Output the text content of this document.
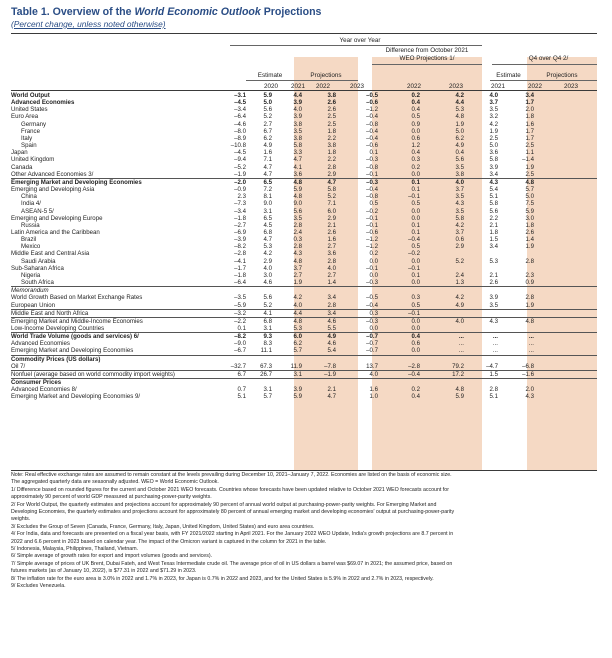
Table 1. Overview of the World Economic Outlook Projections
(Percent change, unless noted otherwise)
Year over Year
Difference from October 2021
WEO Projections 1/	Q4 over Q4 2/
Estimate	Projections	Estimate	Projections
2020	2021	2022	2023	2022	2023	2021	2022	2023
World Output	–3.1	5.9	4.4	3.8	–0.5	0.2	4.2	4.0	3.4	
Advanced Economies	–4.5	5.0	3.9	2.6	–0.6	0.4	4.4	3.7	1.7	
United States	–3.4	5.6	4.0	2.6	–1.2	0.4	5.3	3.5	2.0	
Euro Area	–6.4	5.2	3.9	2.5	–0.4	0.5	4.8	3.2	1.8	
Germany	–4.6	2.7	3.8	2.5	–0.8	0.9	1.9	4.2	1.6	
France	–8.0	6.7	3.5	1.8	–0.4	0.0	5.0	1.9	1.7	
Italy	–8.9	6.2	3.8	2.2	–0.4	0.6	6.2	2.5	1.7	
Spain	–10.8	4.9	5.8	3.8	–0.6	1.2	4.9	5.0	2.5	
Japan	–4.5	1.6	3.3	1.8	0.1	0.4	0.4	3.6	1.1	
United Kingdom	–9.4	7.1	4.7	2.2	–0.3	0.3	5.6	5.8	–1.4	
Canada	–5.2	4.7	4.1	2.8	–0.8	0.2	3.5	3.9	1.9	
Other Advanced Economies 3/	–1.9	4.7	3.6	2.9	–0.1	0.0	3.8	3.4	2.5	
Emerging Market and Developing Economies	–2.0	6.5	4.8	4.7	–0.3	0.1	4.0	4.3	4.8	
Emerging and Developing Asia	–0.9	7.2	5.9	5.8	–0.4	0.1	3.7	5.4	5.7	
China	2.3	8.1	4.8	5.2	–0.8	–0.1	3.5	5.1	5.0	
India 4/	–7.3	9.0	9.0	7.1	0.5	0.5	4.3	5.8	7.5	
ASEAN-5 5/	–3.4	3.1	5.6	6.0	–0.2	0.0	3.5	5.6	5.9	
Emerging and Developing Europe	–1.8	6.5	3.5	2.9	–0.1	0.0	5.8	2.2	3.0	
Russia	–2.7	4.5	2.8	2.1	–0.1	0.1	4.2	2.1	1.8	
Latin America and the Caribbean	–6.9	6.8	2.4	2.6	–0.6	0.1	3.7	1.8	2.6	
Brazil	–3.9	4.7	0.3	1.6	–1.2	–0.4	0.6	1.5	1.4	
Mexico	–8.2	5.3	2.8	2.7	–1.2	0.5	2.9	3.4	1.9	
Middle East and Central Asia	–2.8	4.2	4.3	3.6	0.2	–0.2				
Saudi Arabia	–4.1	2.9	4.8	2.8	0.0	0.0	5.2	5.3	2.8	
Sub-Saharan Africa	–1.7	4.0	3.7	4.0	–0.1	–0.1				
Nigeria	–1.8	3.0	2.7	2.7	0.0	0.1	2.4	2.1	2.3	
South Africa	–6.4	4.6	1.9	1.4	–0.3	0.0	1.3	2.6	0.9	
Memorandum										
World Growth Based on Market Exchange Rates	–3.5	5.6	4.2	3.4	–0.5	0.3	4.2	3.9	2.8	
European Union	–5.9	5.2	4.0	2.8	–0.4	0.5	4.9	3.5	1.9	
Middle East and North Africa	–3.2	4.1	4.4	3.4	0.3	–0.1				
Emerging Market and Middle-Income Economies	–2.2	6.8	4.8	4.6	–0.3	0.0	4.0	4.3	4.8	
Low-Income Developing Countries	0.1	3.1	5.3	5.5	0.0	0.0				
World Trade Volume (goods and services) 6/	–8.2	9.3	6.0	4.9	–0.7	0.4	...	...	...	
Advanced Economies	–9.0	8.3	6.2	4.6	–0.7	0.6	...	...	...	
Emerging Market and Developing Economies	–6.7	11.1	5.7	5.4	–0.7	0.0	...	...	...	
Commodity Prices (US dollars)										
Oil 7/	–32.7	67.3	11.9	–7.8	13.7	–2.8	79.2	–4.7	–6.8	
Nonfuel (average based on world commodity import weights)	6.7	26.7	3.1	–1.9	4.0	–0.4	17.2	1.5	–1.6	
Consumer Prices										
Advanced Economies 8/	0.7	3.1	3.9	2.1	1.6	0.2	4.8	2.8	2.0	
Emerging Market and Developing Economies 9/	5.1	5.7	5.9	4.7	1.0	0.4	5.9	5.1	4.3	
Note: Real effective exchange rates are assumed to remain constant at the levels prevailing during December 10, 2021–January 7, 2022. Economies are listed on the basis of economic size.
The aggregated quarterly data are seasonally adjusted. WEO = World Economic Outlook.
1/ Difference based on rounded figures for the current and October 2021 WEO forecasts. Countries whose forecasts have been updated relative to October 2021 WEO forecasts account for
approximately 90 percent of world GDP measured at purchasing-power-parity weights.
2/ For World Output, the quarterly estimates and projections account for approximately 90 percent of annual world output at purchasing-power-parity weights. For Emerging Market and
Developing Economies, the quarterly estimates and projections account for approximately 80 percent of annual emerging market and developing economies' output at purchasing-power-parity
weights.
3/ Excludes the Group of Seven (Canada, France, Germany, Italy, Japan, United Kingdom, United States) and euro area countries.
4/ For India, data and forecasts are presented on a fiscal year basis, with FY 2021/2022 starting in April 2021. For the January 2022 WEO Update, India's growth projections are 8.7 percent in
2022 and 6.6 percent in 2023 based on calendar year. The impact of the Omicron variant is captured in the column for 2021 in the table.
5/ Indonesia, Malaysia, Philippines, Thailand, Vietnam.
6/ Simple average of growth rates for export and import volumes (goods and services).
7/ Simple average of prices of UK Brent, Dubai Fateh, and West Texas Intermediate crude oil. The average price of oil in US dollars a barrel was $69.07 in 2021; the assumed price, based on
futures markets (as of January 10, 2022), is $77.31 in 2022 and $71.29 in 2023.
8/ The inflation rate for the euro area is 3.0% in 2022 and 1.7% in 2023, for Japan is 0.7% in 2022 and 2023, and for the United States is 5.9% in 2022 and 2.7% in 2023, respectively.
9/ Excludes Venezuela.
